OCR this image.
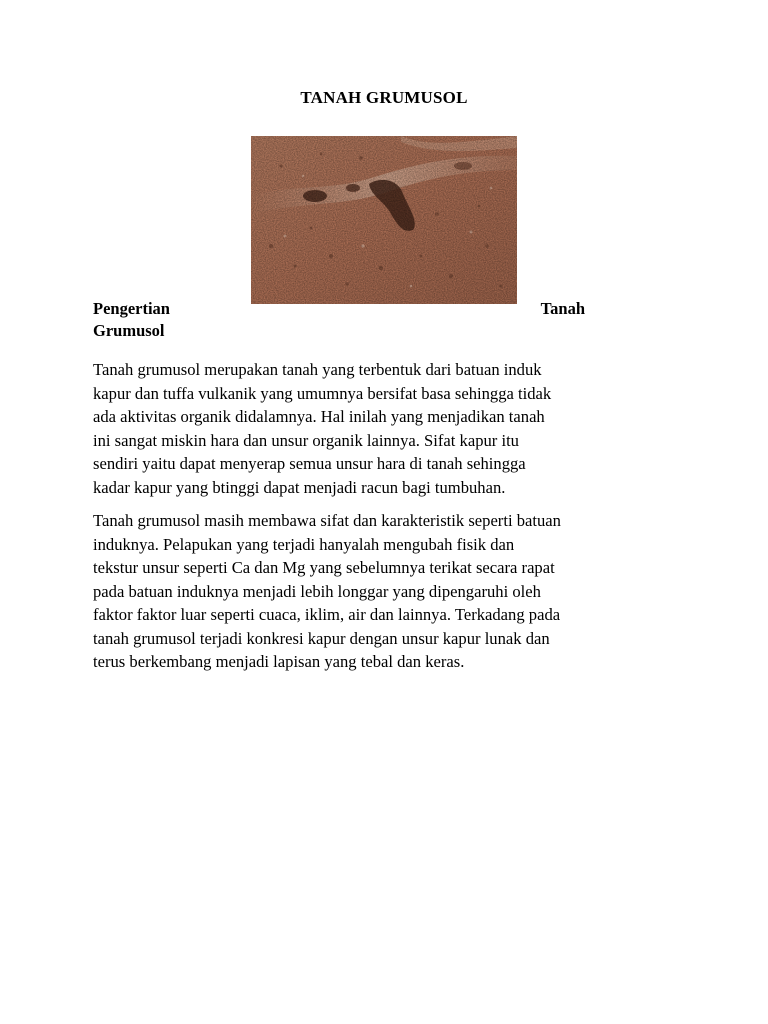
TANAH GRUMUSOL
Pengertian	Tanah
Grumusol

Tanah grumusol merupakan tanah yang terbentuk dari batuan induk
kapur dan tuffa vulkanik yang umumnya bersifat basa sehingga tidak
ada aktivitas organik didalamnya. Hal inilah yang menjadikan tanah
ini sangat miskin hara dan unsur organik lainnya. Sifat kapur itu
sendiri yaitu dapat menyerap semua unsur hara di tanah sehingga
kadar kapur yang btinggi dapat menjadi racun bagi tumbuhan.

Tanah grumusol masih membawa sifat dan karakteristik seperti batuan
induknya. Pelapukan yang terjadi hanyalah mengubah fisik dan
tekstur unsur seperti Ca dan Mg yang sebelumnya terikat secara rapat
pada batuan induknya menjadi lebih longgar yang dipengaruhi oleh
faktor faktor luar seperti cuaca, iklim, air dan lainnya. Terkadang pada
tanah grumusol terjadi konkresi kapur dengan unsur kapur lunak dan
terus berkembang menjadi lapisan yang tebal dan keras.
